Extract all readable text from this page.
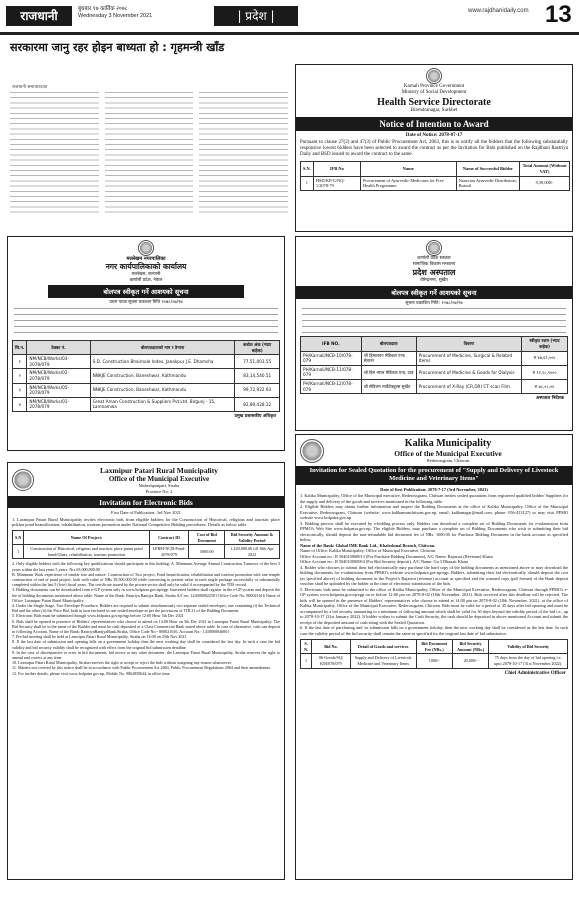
राजधानी	बुधबार १७ कार्तिक २०७८
Wednesday 3 November 2021	| प्रदेश |	www.rajdhanidaily.com 13
सरकारमा जानु रहर होइन बाध्यता हो : गृहमन्त्री खाँड
राजधानी समाचारदाता	Karnali Province Government
Ministry of Social Development
Health Service Directorate
Birendranagar, Surkhet
Notice of Intention to Award
Date of Notice: 2078-07-17
Pursuant to clause 27(2) and 47(3) of Public Procurement Act, 2063, this is to notify all the bidders that the following substantially responsive lowest bidders have been selected to award the contract as per the Invitation for Bids published on the Rajdhani Rastriya Daily and BSD issued to award the contract to the same.
S.N.	IFB No	Name	Name of Successful Bidder	Total Amount (Without VAT)
1	HSD/KP/G/NQ-1/2078-79	Procurement of Ayurvedic Medicines for Free Health Programme.	Nauvrtan Ayurvedic Distributors, Butwal	9,39,000/-
मल्लेखम नगरपालिका
नगर कार्यपालिकाको कार्यालय
मल्लेखम, सल्यानी
कर्णाली प्रदेश, नेपाल
बोलपत्र स्वीकृत गर्ने आशयको सूचना
प्रथम पटक सूचना प्रकाशन मिति २०७८/०७/१७
सि.न.	ठेक्का नं.	बोलपत्रदाताको नाम र ठेगाना	कबोल अंक (भ्याट बाहेक)
१	NM/NCB/Works/03-2078/079	S.D. Construction Bhairnale Index, Janakpur J.E. Dhamsha	77,51,003.55
२	NM/NCB/Works/02-2078/079	NNKJE Construction, Baneshwar, Kathmandu	83,14,540.51
३	NM/NCB/Works/05-2078/079	NNKJE Construction, Baneshwar, Kathmandu	99,72,922.93
४	NM/NCB/Works/01-2078/079	Great Aman Construction & Suppliers Pvt.Ltd. Birgunj - 15, Lamnamwa	82,89,428.12
प्रमुख प्रशासकीय अधिकृत
कर्णाली प्रदेश सरकार
सामाजिक विकास मन्त्रालय
प्रदेश अस्पताल
वीरेन्द्रनगर, सुर्खेत
बोलपत्र स्वीकृत गर्ने आशयको सूचना
सूचना प्रकाशित मिति: २०७८/०७/१७
IFB NO.	बोलपत्रदाता	विवरण	स्वीकृत रकम (भ्याट बाहेक)
PH/Karnali/NCB-10/078-079	श्री हिमालयन मेडिकल एण्ड सेवानर	Procurement of Medicine, Surgical & Related Items	रु ४७,६९,०००
PH/Karnali/NCB-11/078-079	श्री हिम भ्याल मेडिकल एन्ड, दाङ	Procurement of Medicine & Goods for Dialysis	रु ११,२८,९०००
PH/Karnali/NCB-12/078-079	श्री सेवित्तम मार्केटेड्युल्स सुर्खेत	Procurement of X-Ray (CR,DR) CT scan Film.	रु ७८,०८,००
अस्पताल निर्देशक
Laxmipur Patari Rural Municipality
Office of the Municipal Executive
Maheshpatipati, Siraha
Province No: 2
Invitation for Electronic Bids
First Date of Publication: 3rd Nov 2021
1. Laxmipur Patari Rural Municipality invites electronic bids from eligible bidders for the Construction of Historical, religious and touristic place pokhar pond beautification, rehabilitation, tourism promotion under National Competitive Bidding procedures. Details as below table.
S.N	Name Of Project:	Contract ID	Cost of Bid Document	Bid Security Amount & Validity Period
1	Construction of Historical, religious and touristic place patari pond bund/Ghats, rehabilitation, tourism promotion	LPRM-NCB-Pond-2078/079	5000.00	1,220,000.00 till 10th Apr 2022
2. Only eligible bidders with the following key qualifications should participate in this bidding: A. Minimum Average Annual Construction Turnover of the best 3 years within the last years 5 years: Nrs.65,000,000.00
B. Minimum Work experience of similar size and nature: Construction of Two project, Pond beautification, rehabilitation and tourism promotion with one temple construction of end of pond project, both with value of NRs 39,500,000.00 while converting to present value in each single package successfully or substantially completed within the last 5 (five) fiscal years. The certificate issued by the private sector shall only be valid if accompanied by the TDS record.
3. Bidding documents can be downloaded from e-GP system only in www.bolpatra.gov.np/egp. Interested bidders shall register in the e-GP system and deposit the fee of bidding documents mentioned above table. Name of the Bank: Rastriya Banijya Bank, Siraha A/C no. 1430000022501 Office Code No. 800021616 Name of Office: Laxmipur Patari Rural Municipality.
4. Under the Single Stage, Two Envelope Procedure, Bidders are required to submit simultaneously two separate sealed envelopes, one containing (i) the Technical Bid and the other (ii) the Price Bid, both in turn enclosed in one sealed envelope as per the provisions of ITB 21 of the Bidding Document.
5. Electronic Bids must be submitted through www.bolpatra.gov.np/egp before 12:00 Hour 5th Dec 2021
6. Bids shall be opened in presence of Bidders' representatives who choose to attend on 14:00 Hour on 5th Dec 2021 in Laxmipur Patari Rural Municipality. The Bid Security shall be in the name of the Builder and must be cash deposited or a Class Commercial Bank stated above table. In case of alternative, cash can deposit in following Account. Name of the Bank: RastriyaBanijyaBank,Siraha, Office Code No:- 800021616, Account No:- 1430000046001
7. Pre-bid meeting shall be held at Laxmipur Patari Rural Municipality, Siraha on 14:00 on 25th Nov 2021
8. If the last date of submission and opening falls on a government holiday then the next working day shall be considered the last day. In such a case the bid validity and bid security validity shall be recognized with effect from the original bid submission deadline.
9. In the case of discrepancies or error in bid documents, bid notice or any other document, the Laxmipur Patari Rural Municipality, Siraha reserves the right to amend and correct at any time.
10. Laxmipur Patari Rural Municipality, Siraha reserves the right to accept or reject the bids without assigning any reason whatsoever.
11. Matters not covered by this notice shall be in accordance with Public Procurement Act 2063, Public Procurement Regulations 2064 and their amendments.
12. For further details, please visit www.bolpatra.gov.np, Mobile No. 9862858644 in office time.
Kalika Municipality
Office of the Municipal Executive
Rederossgram, Chitwan
Invitation for Sealed Quotation for the procurement of "Supply and Delivery of Livestock Medicine and Veterinary Items"
Date of first Publication: 2078-7-17 (3rd November, 2021)
1. Kalika Municipality, Office of the Municipal executive, Rederossgram, Chitwan invites sealed quotations from registered qualified bidder/ Suppliers for the supply and delivery of the goods and services mentioned in the following table.
2. Eligible Bidders may obtain further information and inspect the Bidding Documents at the office of Kalika Municipality, Office of the Municipal Executive, Rederossgram, Chitwan (website: www.kalikamunchitwan.gov.np, email: kalikanagar@mail.com, phone: 056-413127) or may visit PPMO website www.bolpatra.gov.np.
3. Bidding process shall be executed by e-bidding process only. Bidders can download a complete set of Bidding Documents for e-submission from PPMO's Web Site www.bolpatra.gov.np. The eligible Bidders, may purchase a complete set of Bidding Documents who wish to submitting their bid electronically, should deposit the non-refundable bid document fee of NRs. 1000.00 for Purchase Bidding Document in the bank account as specified below.
Name of the Bank: Global IME Bank Ltd., Khaleshmal Branch, Chitwan.
Name of Office: Kalika Municipality, Office of Municipal Executive, Chitwan.
Office Account no.: B 504010000013 (For Purchase Bidding Document), A/C Name: Rajaswa (Revenue) Khata
Office Account no.: B 504010000004 (For Bid Security deposit), A/C Name: Gu 3 Dhauati Khata
4. Bidder who chooses to submit their bid electronically may purchase the hard copy of the bidding documents as mentioned above or may download the bidding documents for e-submission from PPMO's website www.bolpatra.gov.np/egp. Bidders, submitting their bid electronically, should deposit the cost (as specified above) of bidding document in the Project's Rajaswa (revenue) account as specified and the scanned copy (pdf format) of the Bank deposit voucher shall be uploaded by the bidder at the time of electronic submission of the bids.
5. Electronic bids must be submitted to the office of Kalika Municipality, Office of the Municipal Executive, Rederossgram, Chitwan through PPMO's e-GP system www.bolpatra.gov.np/egp on or before 12:00 pm on 2078-8-02 (18th November, 2021). Bids received after this deadline will be rejected. The bids will be opened in the presence of Bidders' representatives who choose to attend at 14:00 pm on 2078-8-02 (18th November, 2021). at the office of Kalika Municipality, Office of the Municipal Executive, Rederossgram, Chitwan. Bids must be valid for a period of 45 days after bid opening and must be accompanied by a bid security amounting to a minimum of following amount which shall be valid for 30 days beyond the validity period of the bid i.e., up to 2078-10-17 (31st January 2022). If bidder wishes to submit the Cash Security, the cash should be deposited in above mentioned Account and submit the receipt of the deposited amount of cash along with the Sealed Quotation.
6. If the last date of purchasing and /or submission falls on a government holiday, then the next working day shall be considered as the last date. In such case the validity period of the bid security shall remain the same as specified for the original last date of bid submission.
S. N.	Bid No.	Detail of Goods and services	Bid Document Fee (NRs.)	Bid Security Amount (NRs.)	Validity of Bid Security
1	06-Goods/SQ/ KM/078/079	Supply and Delivery of Livestock Medicine and Veterinary Items	1000/-	20,000/-	75 days from the day of bid opening i.e. upto 2078-10-17 (31st November 2022).
Chief Administrative Officer
